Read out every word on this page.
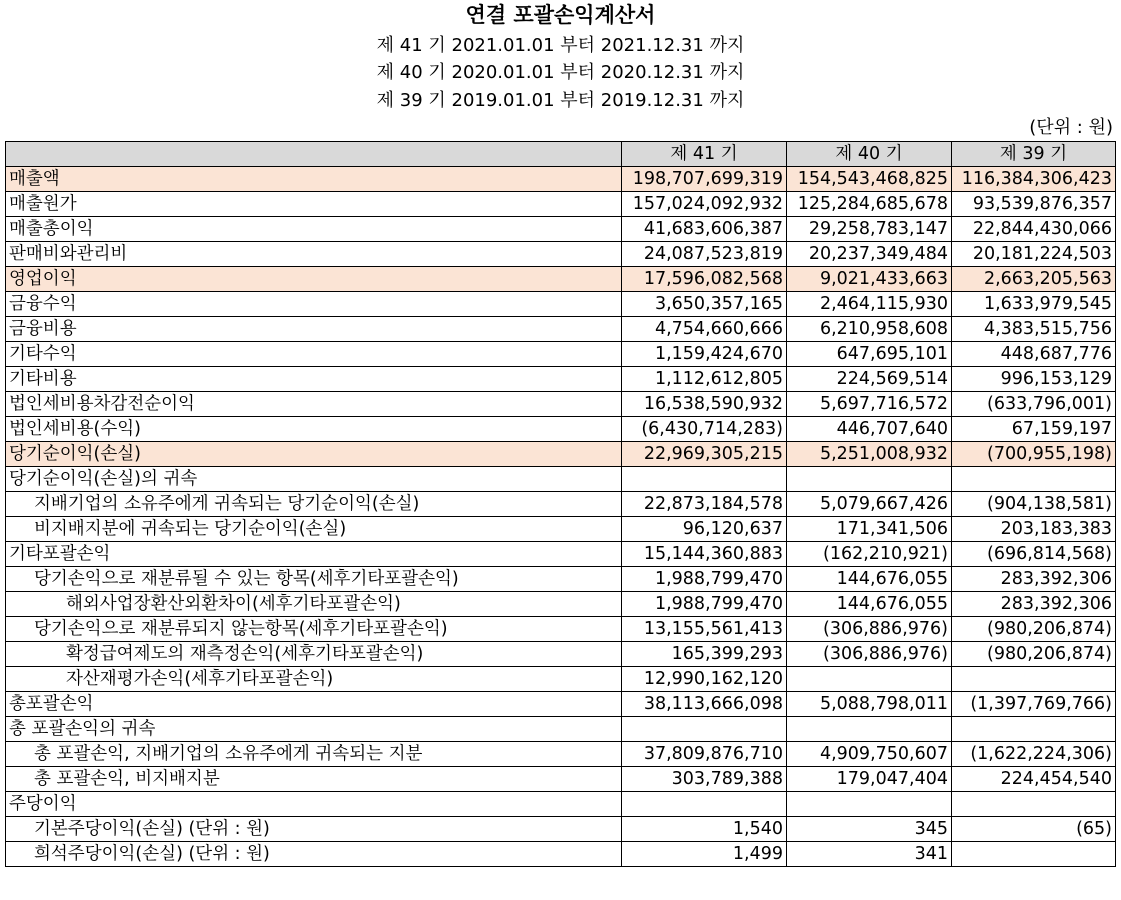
연결 포괄손익계산서
제 41 기 2021.01.01 부터 2021.12.31 까지
제 40 기 2020.01.01 부터 2020.12.31 까지
제 39 기 2019.01.01 부터 2019.12.31 까지
(단위 : 원)
	제 41 기	제 40 기	제 39 기
매출액	198,707,699,319	154,543,468,825	116,384,306,423
매출원가	157,024,092,932	125,284,685,678	93,539,876,357
매출총이익	41,683,606,387	29,258,783,147	22,844,430,066
판매비와관리비	24,087,523,819	20,237,349,484	20,181,224,503
영업이익	17,596,082,568	9,021,433,663	2,663,205,563
금융수익	3,650,357,165	2,464,115,930	1,633,979,545
금융비용	4,754,660,666	6,210,958,608	4,383,515,756
기타수익	1,159,424,670	647,695,101	448,687,776
기타비용	1,112,612,805	224,569,514	996,153,129
법인세비용차감전순이익	16,538,590,932	5,697,716,572	(633,796,001)
법인세비용(수익)	(6,430,714,283)	446,707,640	67,159,197
당기순이익(손실)	22,969,305,215	5,251,008,932	(700,955,198)
당기순이익(손실)의 귀속			
지배기업의 소유주에게 귀속되는 당기순이익(손실)	22,873,184,578	5,079,667,426	(904,138,581)
비지배지분에 귀속되는 당기순이익(손실)	96,120,637	171,341,506	203,183,383
기타포괄손익	15,144,360,883	(162,210,921)	(696,814,568)
당기손익으로 재분류될 수 있는 항목(세후기타포괄손익)	1,988,799,470	144,676,055	283,392,306
해외사업장환산외환차이(세후기타포괄손익)	1,988,799,470	144,676,055	283,392,306
당기손익으로 재분류되지 않는항목(세후기타포괄손익)	13,155,561,413	(306,886,976)	(980,206,874)
확정급여제도의 재측정손익(세후기타포괄손익)	165,399,293	(306,886,976)	(980,206,874)
자산재평가손익(세후기타포괄손익)	12,990,162,120		
총포괄손익	38,113,666,098	5,088,798,011	(1,397,769,766)
총 포괄손익의 귀속			
총 포괄손익, 지배기업의 소유주에게 귀속되는 지분	37,809,876,710	4,909,750,607	(1,622,224,306)
총 포괄손익, 비지배지분	303,789,388	179,047,404	224,454,540
주당이익			
기본주당이익(손실) (단위 : 원)	1,540	345	(65)
희석주당이익(손실) (단위 : 원)	1,499	341	
